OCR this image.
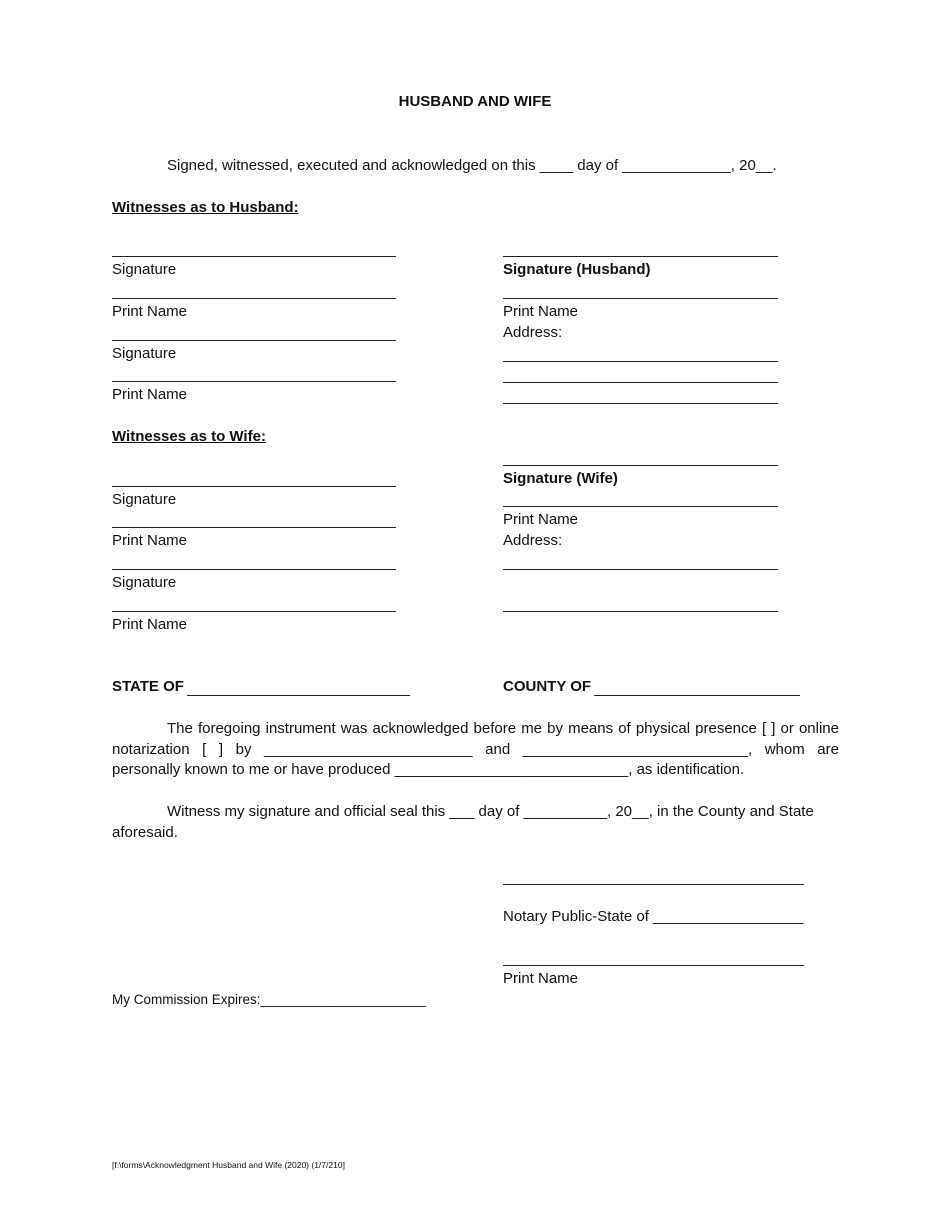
HUSBAND AND WIFE
Signed, witnessed, executed and acknowledged on this ____ day of _____________, 20__.
Witnesses as to Husband:
Signature
Print Name
Signature
Print Name
Signature (Husband)
Print Name
Address:
Witnesses as to Wife:
Signature
Print Name
Signature
Print Name
Signature (Wife)
Print Name
Address:
STATE OF	COUNTY OF
The foregoing instrument was acknowledged before me by means of physical presence [ ] or online notarization [ ] by _________________________ and ___________________________, whom are personally known to me or have produced ____________________________, as identification.
Witness my signature and official seal this ___ day of __________, 20__, in the County and State aforesaid.
Notary Public-State of __________________
Print Name
My Commission Expires:______________________
[f:\forms\Acknowledgment Husband and Wife (2020) (1/7/210]
